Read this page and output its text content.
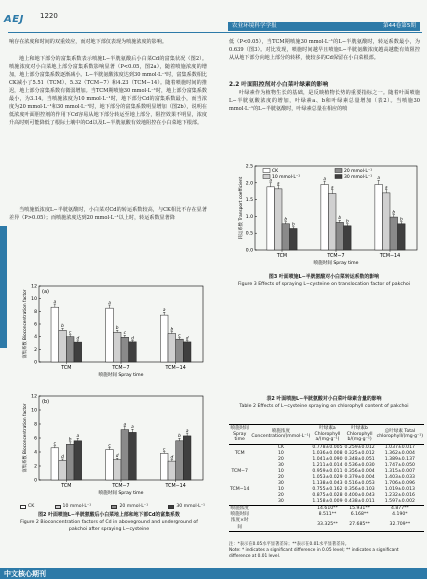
AEJ 1220
农业环境科学学报	第44卷第5期

响存在浓度和时间的双重效应，而对地下部仅表现为喷施浓度的影响。

地上和地下部分的富集系数表示喷施L−半胱氨酸后小白菜Cd的富集状况（图2）。喷施浓度对小白菜地上部分富集系数影响显著（P<0.05，图2a），随着喷施浓度的增加，地上部分富集系数逐渐减小。L−半胱氨酸浓度达到30 mmol·L⁻¹时，富集系数相比CK减小了5.51（TCM）、5.32（TCM−7）和4.23（TCM−14）。随着喷施时间的推迟，地上部分富集系数有微弱增加。当TCM期喷施30 mmol·L⁻¹时，地上部分富集系数最小，为3.14。当喷施浓度为10 mmol·L⁻¹时，地下部分Cd的富集系数最小，而当浓度为20 mmol·L⁻¹和30 mmol·L⁻¹时，地下部分的富集系数明显增加（图2b），说明在低浓度叶面胆控剂的作用下Cd容易从地下部分转运至地上部分，阻控效果不明显，浓度升高时则可能降低了根际土壤中的Cd以及L−半胱氨酸有效地阻控在小白菜地下根部。

当喷施低浓度L−半胱氨酸时，小白菜对Cd的转运系数较高，与CK相比不存在显著差异（P>0.05）；而喷施浓度达到20 mmol·L⁻¹以上时，转运系数显著降

0
2
4
6
8
10
12
富集系数 Bioconcentration factor	a
b
c
d
TCM
a
b
c
d
TCM−7
a
b
c
d
TCM−14
喷施时间 Spray time
(a)
0
2
4
6
8
10
12
富集系数 Bioconcentration factor	c
d
b
a
TCM
c
d
a
a
TCM−7
c
d
b
a
TCM−14
喷施时间 Spray time
(b)
CK	10 mmol·L⁻¹	20 mmol·L⁻¹	30 mmol·L⁻¹

图2 叶面喷施L−半胱氨酸后小白菜地上部和地下部Cd的富集系数
Figure 2 Bioconcentration factors of Cd in aboveground and underground of pakchoi after spraying L−cysteine

低（P<0.05），当TCM期喷施30 mmol·L⁻¹的L−半胱氨酸时，转运系数最小，为0.639（图3）。对比发现，喷施时间越早且喷施L−半胱氨酸浓度越高越能有效阻控从从地下部分向地上部分的转移，使较多的Cd保留在小白菜根部。

2.2 叶面阻控剂对小白菜叶绿素的影响

叶绿素作为植物生长的基础，是反映植物长势的重要指标之一。随着叶面喷施L−半胱氨酸浓度的增加，叶绿素a、b和叶绿素总量增加（表2）。当喷施30 mmol·L⁻¹的L−半胱氨酸时，叶绿素总量在相应的喷

0.0
0.5
1.0
1.5
2.0
2.5
转运系数 Transport coefficient	a
a
b
b
TCM
a
a
b
b
TCM−7
a
a
b
b
TCM−14
喷施时间 Spray time
CK
10 mmol·L⁻¹
20 mmol·L⁻¹
30 mmol·L⁻¹

图3 叶面喷施L−半胱氨酸对小白菜转运系数的影响
Figure 3 Effects of spraying L−cysteine on translocation factor of pakchoi

表2 叶面喷施L−半胱氨酸对小白菜叶绿素含量的影响
Table 2 Effects of L−cysteine spraying on chlorophyll content of pakchoi

喷施时间 Spray time	喷施浓度 Concentration/(mmol·L⁻¹)	叶绿素a Chlorophyll a/(mg·g⁻¹)	叶绿素b Chlorophyll b/(mg·g⁻¹)	总叶绿素 Total chlorophyll/(mg·g⁻¹)
	CK	0.778±0.005	0.259±0.012	1.037±0.017
TCM	10	1.036±0.008	0.325±0.012	1.362±0.004
	20	1.041±0.090	0.348±0.051	1.389±0.137
	30	1.211±0.014	0.536±0.030	1.747±0.050
TCM−7	10	0.959±0.011	0.356±0.004	1.315±0.007
	20	1.053±0.029	0.379±0.004	1.403±0.033
	30	1.138±0.043	0.516±0.053	1.706±0.096
TCM−14	10	0.755±0.162	0.356±0.103	1.019±0.013
	20	0.875±0.028	0.400±0.043	1.232±0.016
	30	1.158±0.009	0.438±0.011	1.597±0.002
喷施浓度		14.610**	15.931**	4.877**
喷施时间		8.511**	6.168**	4.190*
浓度×时间		33.325**	27.685**	32.709**

注：*表示在0.05水平显著差异；**表示在0.01水平显著差异。
Note: * indicates a significant difference in 0.05 level; ** indicates a significant difference at 0.01 level.

中文核心期刊
